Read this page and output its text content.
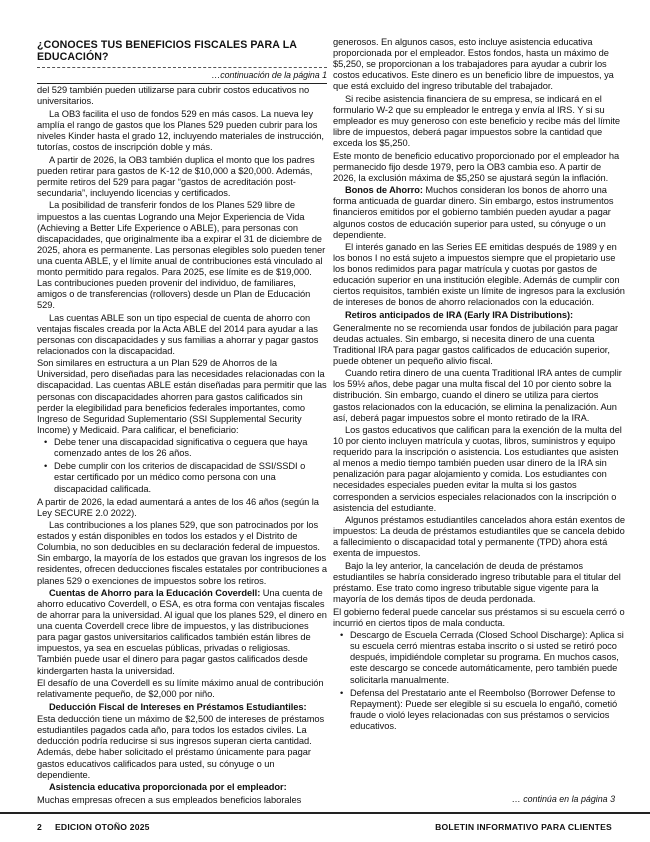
¿CONOCES TUS BENEFICIOS FISCALES PARA LA EDUCACIÓN?
…continuación de la página 1

del 529 también pueden utilizarse para cubrir costos educativos no universitarios.

La OB3 facilita el uso de fondos 529 en más casos. La nueva ley amplía el rango de gastos que los Planes 529 pueden cubrir para los niveles Kinder hasta el grado 12, incluyendo materiales de instrucción, tutorías, costos de inscripción doble y más.

A partir de 2026, la OB3 también duplica el monto que los padres pueden retirar para gastos de K-12 de $10,000 a $20,000. Además, permite retiros del 529 para pagar “gastos de acreditación post-secundaria”, incluyendo licencias y certificados.

La posibilidad de transferir fondos de los Planes 529 libre de impuestos a las cuentas Logrando una Mejor Experiencia de Vida (Achieving a Better Life Experience o ABLE), para personas con discapacidades, que originalmente iba a expirar el 31 de diciembre de 2025, ahora es permanente. Las personas elegibles solo pueden tener una cuenta ABLE, y el límite anual de contribuciones está vinculado al monto permitido para regalos. Para 2025, ese límite es de $19,000. Las contribuciones pueden provenir del individuo, de familiares, amigos o de transferencias (rollovers) desde un Plan de Educación 529.

Las cuentas ABLE son un tipo especial de cuenta de ahorro con ventajas fiscales creada por la Acta ABLE del 2014 para ayudar a las personas con discapacidades y sus familias a ahorrar y pagar gastos relacionados con la discapacidad.

Son similares en estructura a un Plan 529 de Ahorros de la Universidad, pero diseñadas para las necesidades relacionadas con la discapacidad. Las cuentas ABLE están diseñadas para permitir que las personas con discapacidades ahorren para gastos calificados sin perder la elegibilidad para beneficios federales importantes, como Ingreso de Seguridad Suplementario (SSI Supplemental Security Income) y Medicaid. Para calificar, el beneficiario:

• Debe tener una discapacidad significativa o ceguera que haya comenzado antes de los 26 años.
• Debe cumplir con los criterios de discapacidad de SSI/SSDI o estar certificado por un médico como persona con una discapacidad calificada.

A partir de 2026, la edad aumentará a antes de los 46 años (según la Ley SECURE 2.0 2022).

Las contribuciones a los planes 529, que son patrocinados por los estados y están disponibles en todos los estados y el Distrito de Columbia, no son deducibles en su declaración federal de impuestos. Sin embargo, la mayoría de los estados que gravan los ingresos de los residentes, ofrecen deducciones fiscales estatales por contribuciones a planes 529 o exenciones de impuestos sobre los retiros.

Cuentas de Ahorro para la Educación Coverdell: Una cuenta de ahorro educativo Coverdell, o ESA, es otra forma con ventajas fiscales de ahorrar para la universidad. Al igual que los planes 529, el dinero en una cuenta Coverdell crece libre de impuestos, y las distribuciones para pagar gastos universitarios calificados también están libres de impuestos, ya sea en escuelas públicas, privadas o religiosas. También puede usar el dinero para pagar gastos calificados desde kindergarten hasta la universidad.

El desafío de una Coverdell es su límite máximo anual de contribución relativamente pequeño, de $2,000 por niño.

Deducción Fiscal de Intereses en Préstamos Estudiantiles:

Esta deducción tiene un máximo de $2,500 de intereses de préstamos estudiantiles pagados cada año, para todos los estados civiles. La deducción podría reducirse si sus ingresos superan cierta cantidad. Además, debe haber solicitado el préstamo únicamente para pagar gastos educativos calificados para usted, su cónyuge o un dependiente.

Asistencia educativa proporcionada por el empleador:

Muchas empresas ofrecen a sus empleados beneficios laborales

generosos. En algunos casos, esto incluye asistencia educativa proporcionada por el empleador. Estos fondos, hasta un máximo de $5,250, se proporcionan a los trabajadores para ayudar a cubrir los costos educativos. Este dinero es un beneficio libre de impuestos, ya que está excluido del ingreso tributable del trabajador.

Si recibe asistencia financiera de su empresa, se indicará en el formulario W-2 que su empleador le entrega y envía al IRS. Y si su empleador es muy generoso con este beneficio y recibe más del límite libre de impuestos, deberá pagar impuestos sobre la cantidad que exceda los $5,250.

Este monto de beneficio educativo proporcionado por el empleador ha permanecido fijo desde 1979, pero la OB3 cambia eso. A partir de 2026, la exclusión máxima de $5,250 se ajustará según la inflación.

Bonos de Ahorro: Muchos consideran los bonos de ahorro una forma anticuada de guardar dinero. Sin embargo, estos instrumentos financieros emitidos por el gobierno también pueden ayudar a pagar algunos costos de educación superior para usted, su cónyuge o un dependiente.

El interés ganado en las Series EE emitidas después de 1989 y en los bonos I no está sujeto a impuestos siempre que el propietario use los bonos redimidos para pagar matrícula y cuotas por gastos de educación superior en una institución elegible. Además de cumplir con ciertos requisitos, también existe un límite de ingresos para la exclusión de intereses de bonos de ahorro relacionados con la educación.

Retiros anticipados de IRA (Early IRA Distributions):

Generalmente no se recomienda usar fondos de jubilación para pagar deudas actuales. Sin embargo, si necesita dinero de una cuenta Traditional IRA para pagar gastos calificados de educación superior, puede obtener un pequeño alivio fiscal.

Cuando retira dinero de una cuenta Traditional IRA antes de cumplir los 59½ años, debe pagar una multa fiscal del 10 por ciento sobre la distribución. Sin embargo, cuando el dinero se utiliza para ciertos gastos relacionados con la educación, se elimina la penalización. Aun así, deberá pagar impuestos sobre el monto retirado de la IRA.

Los gastos educativos que califican para la exención de la multa del 10 por ciento incluyen matrícula y cuotas, libros, suministros y equipo requerido para la inscripción o asistencia. Los estudiantes que asisten al menos a medio tiempo también pueden usar dinero de la IRA sin penalización para pagar alojamiento y comida. Los estudiantes con necesidades especiales pueden evitar la multa si los gastos corresponden a servicios especiales relacionados con la inscripción o asistencia del estudiante.

Algunos préstamos estudiantiles cancelados ahora están exentos de impuestos: La deuda de préstamos estudiantiles que se cancela debido a fallecimiento o discapacidad total y permanente (TPD) ahora está exenta de impuestos.

Bajo la ley anterior, la cancelación de deuda de préstamos estudiantiles se habría considerado ingreso tributable para el titular del préstamo. Ese trato como ingreso tributable sigue vigente para la mayoría de los demás tipos de deuda perdonada.

El gobierno federal puede cancelar sus préstamos si su escuela cerró o incurrió en ciertos tipos de mala conducta.

• Descargo de Escuela Cerrada (Closed School Discharge): Aplica si su escuela cerró mientras estaba inscrito o si usted se retiró poco después, impidiéndole completar su programa. En muchos casos, este descargo se concede automáticamente, pero también puede solicitarla manualmente.
• Defensa del Prestatario ante el Reembolso (Borrower Defense to Repayment): Puede ser elegible si su escuela lo engañó, cometió fraude o violó leyes relacionadas con sus préstamos o servicios educativos.
… continúa en la página 3
2 EDICION OTOÑO 2025	BOLETIN INFORMATIVO PARA CLIENTES
